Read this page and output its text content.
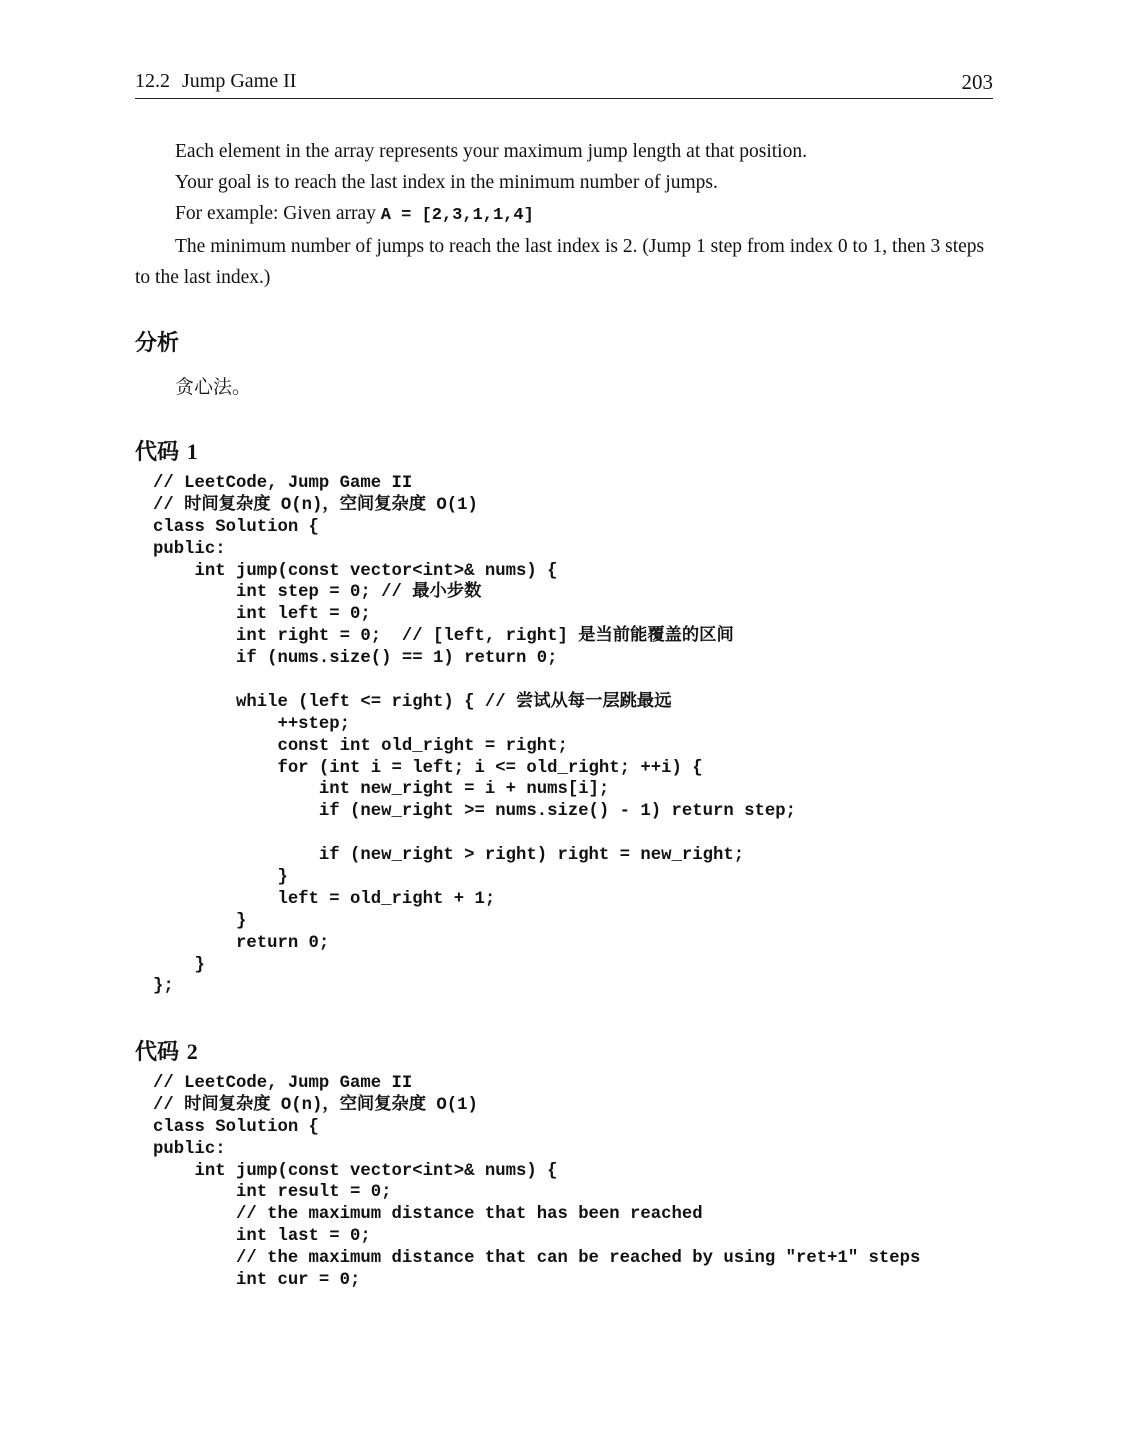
12.2 Jump Game II	203

Each element in the array represents your maximum jump length at that position.

Your goal is to reach the last index in the minimum number of jumps.

For example: Given array A = [2,3,1,1,4]

The minimum number of jumps to reach the last index is 2. (Jump 1 step from index 0 to 1, then 3 steps to the last index.)

分析
贪心法。
代码 1
// LeetCode, Jump Game II
// 时间复杂度 O(n)，空间复杂度 O(1)
class Solution {
public:
int jump(const vector<int>& nums) {
int step = 0; // 最小步数
int left = 0;
int right = 0;  // [left, right] 是当前能覆盖的区间
if (nums.size() == 1) return 0;
while (left <= right) { // 尝试从每一层跳最远
++step;
const int old_right = right;
for (int i = left; i <= old_right; ++i) {
int new_right = i + nums[i];
if (new_right >= nums.size() - 1) return step;
if (new_right > right) right = new_right;
}
left = old_right + 1;
}
return 0;
}
};
代码 2
// LeetCode, Jump Game II
// 时间复杂度 O(n)，空间复杂度 O(1)
class Solution {
public:
int jump(const vector<int>& nums) {
int result = 0;
// the maximum distance that has been reached
int last = 0;
// the maximum distance that can be reached by using "ret+1" steps
int cur = 0;
